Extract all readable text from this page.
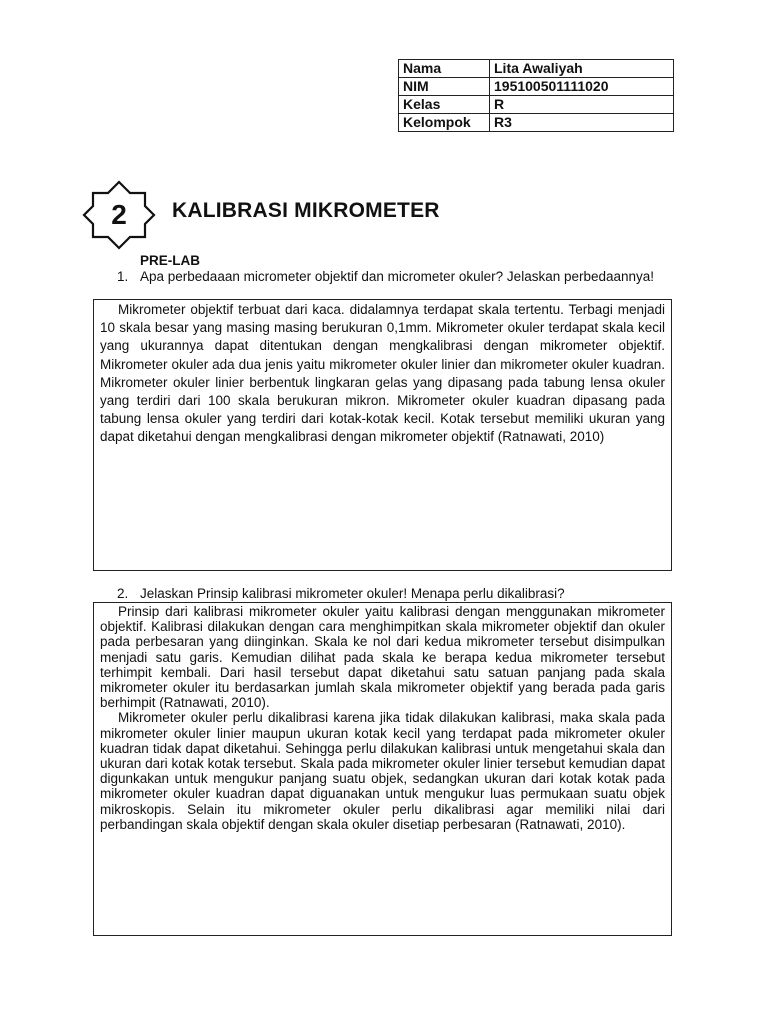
Nama	Lita Awaliyah
NIM	195100501111020
Kelas	R
Kelompok	R3
2	KALIBRASI MIKROMETER
PRE-LAB
1. Apa perbedaaan micrometer objektif dan micrometer okuler? Jelaskan perbedaannya!

Mikrometer objektif terbuat dari kaca. didalamnya terdapat skala tertentu. Terbagi menjadi 10 skala besar yang masing masing berukuran 0,1mm. Mikrometer okuler terdapat skala kecil yang ukurannya dapat ditentukan dengan mengkalibrasi dengan mikrometer objektif. Mikrometer okuler ada dua jenis yaitu mikrometer okuler linier dan mikrometer okuler kuadran. Mikrometer okuler linier berbentuk lingkaran gelas yang dipasang pada tabung lensa okuler yang terdiri dari 100 skala berukuran mikron. Mikrometer okuler kuadran dipasang pada tabung lensa okuler yang terdiri dari kotak-kotak kecil. Kotak tersebut memiliki ukuran yang dapat diketahui dengan mengkalibrasi dengan mikrometer objektif (Ratnawati, 2010)

2. Jelaskan Prinsip kalibrasi mikrometer okuler! Menapa perlu dikalibrasi?

Prinsip dari kalibrasi mikrometer okuler yaitu kalibrasi dengan menggunakan mikrometer objektif. Kalibrasi dilakukan dengan cara menghimpitkan skala mikrometer objektif dan okuler pada perbesaran yang diinginkan. Skala ke nol dari kedua mikrometer tersebut disimpulkan menjadi satu garis. Kemudian dilihat pada skala ke berapa kedua mikrometer tersebut terhimpit kembali. Dari hasil tersebut dapat diketahui satu satuan panjang pada skala mikrometer okuler itu berdasarkan jumlah skala mikrometer objektif yang berada pada garis berhimpit (Ratnawati, 2010).

Mikrometer okuler perlu dikalibrasi karena jika tidak dilakukan kalibrasi, maka skala pada mikrometer okuler linier maupun ukuran kotak kecil yang terdapat pada mikrometer okuler kuadran tidak dapat diketahui. Sehingga perlu dilakukan kalibrasi untuk mengetahui skala dan ukuran dari kotak kotak tersebut. Skala pada mikrometer okuler linier tersebut kemudian dapat digunkakan untuk mengukur panjang suatu objek, sedangkan ukuran dari kotak kotak pada mikrometer okuler kuadran dapat diguanakan untuk mengukur luas permukaan suatu objek mikroskopis. Selain itu mikrometer okuler perlu dikalibrasi agar memiliki nilai dari perbandingan skala objektif dengan skala okuler disetiap perbesaran (Ratnawati, 2010).
